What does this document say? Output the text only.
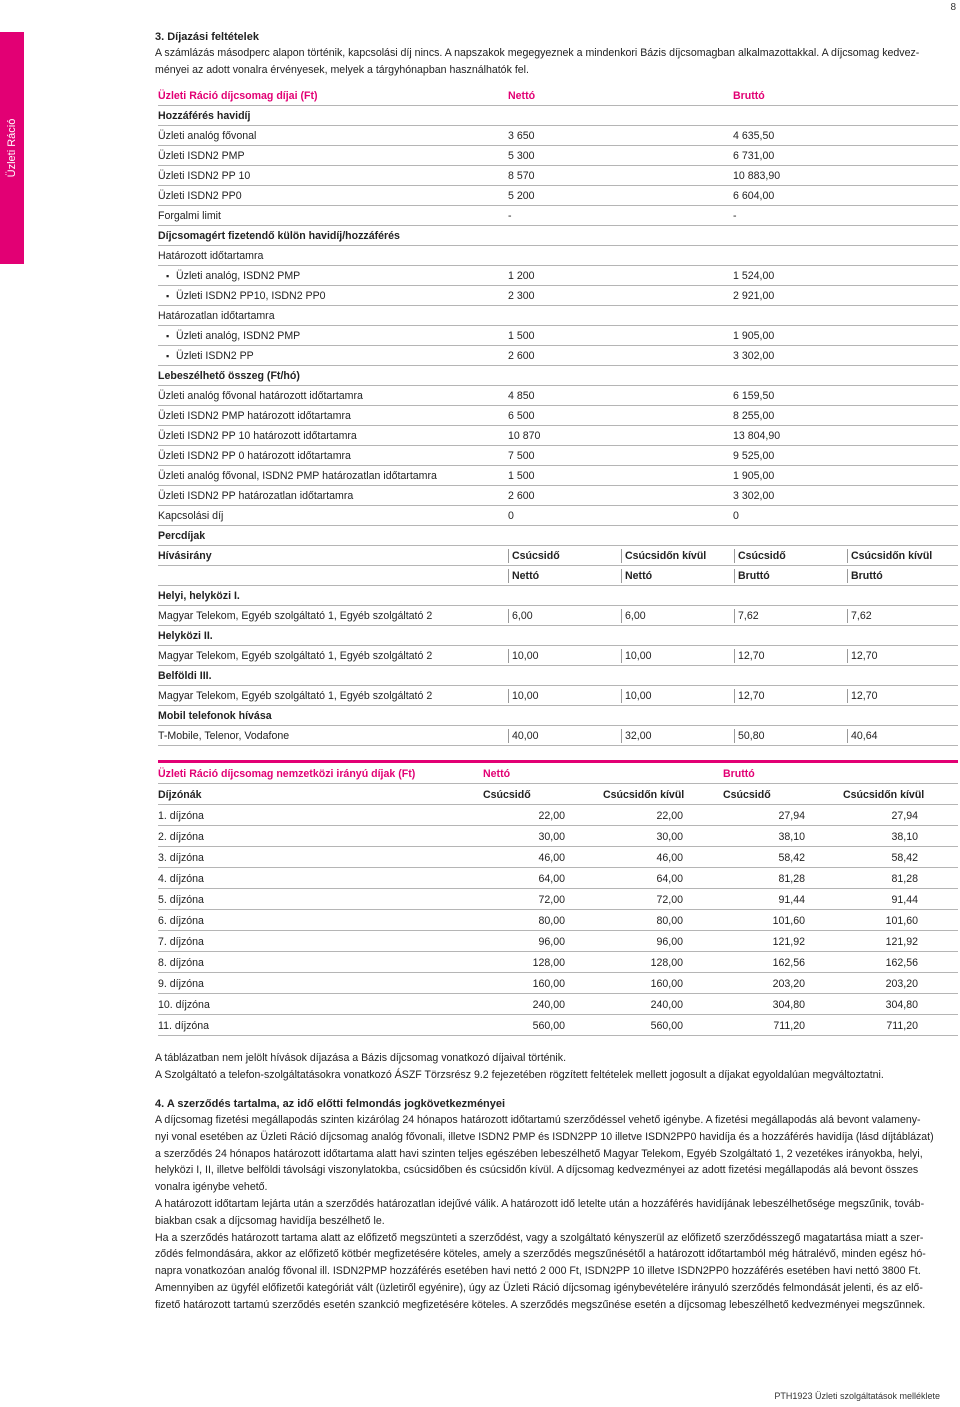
8
Üzleti Ráció
3. Díjazási feltételek
A számlázás másodperc alapon történik, kapcsolási díj nincs. A napszakok megegyeznek a mindenkori Bázis díjcsomagban alkalmazottakkal. A díjcsomag kedvez-
ményei az adott vonalra érvényesek, melyek a tárgyhónapban használhatók fel.
Üzleti Ráció díjcsomag díjai (Ft)	Nettó	Bruttó
Hozzáférés havidíj
Üzleti analóg fővonal	3 650	4 635,50
Üzleti ISDN2 PMP	5 300	6 731,00
Üzleti ISDN2 PP 10	8 570	10 883,90
Üzleti ISDN2 PP0	5 200	6 604,00
Forgalmi limit	-	-
Díjcsomagért fizetendő külön havidíj/hozzáférés
Határozott időtartamra
▪ Üzleti analóg, ISDN2 PMP	1 200	1 524,00
▪ Üzleti ISDN2 PP10, ISDN2 PP0	2 300	2 921,00
Határozatlan időtartamra
▪ Üzleti analóg, ISDN2 PMP	1 500	1 905,00
▪ Üzleti ISDN2 PP	2 600	3 302,00
Lebeszélhető összeg (Ft/hó)
Üzleti analóg fővonal határozott időtartamra	4 850	6 159,50
Üzleti ISDN2 PMP határozott időtartamra	6 500	8 255,00
Üzleti ISDN2 PP 10 határozott időtartamra	10 870	13 804,90
Üzleti ISDN2 PP 0 határozott időtartamra	7 500	9 525,00
Üzleti analóg fővonal, ISDN2 PMP határozatlan időtartamra	1 500	1 905,00
Üzleti ISDN2 PP határozatlan időtartamra	2 600	3 302,00
Kapcsolási díj	0	0
Percdíjak
Hívásirány	Csúcsidő	Csúcsidőn kívül	Csúcsidő	Csúcsidőn kívül
Nettó	Nettó	Bruttó	Bruttó
Helyi, helyközi I.
Magyar Telekom, Egyéb szolgáltató 1, Egyéb szolgáltató 2	6,00	6,00	7,62	7,62
Helyközi II.
Magyar Telekom, Egyéb szolgáltató 1, Egyéb szolgáltató 2	10,00	10,00	12,70	12,70
Belföldi III.
Magyar Telekom, Egyéb szolgáltató 1, Egyéb szolgáltató 2	10,00	10,00	12,70	12,70
Mobil telefonok hívása
T-Mobile, Telenor, Vodafone	40,00	32,00	50,80	40,64
Üzleti Ráció díjcsomag nemzetközi irányú díjak (Ft)	Nettó	Bruttó
Díjzónák	Csúcsidő	Csúcsidőn kívül	Csúcsidő	Csúcsidőn kívül
1. díjzóna	22,00	22,00	27,94	27,94
2. díjzóna	30,00	30,00	38,10	38,10
3. díjzóna	46,00	46,00	58,42	58,42
4. díjzóna	64,00	64,00	81,28	81,28
5. díjzóna	72,00	72,00	91,44	91,44
6. díjzóna	80,00	80,00	101,60	101,60
7. díjzóna	96,00	96,00	121,92	121,92
8. díjzóna	128,00	128,00	162,56	162,56
9. díjzóna	160,00	160,00	203,20	203,20
10. díjzóna	240,00	240,00	304,80	304,80
11. díjzóna	560,00	560,00	711,20	711,20
A táblázatban nem jelölt hívások díjazása a Bázis díjcsomag vonatkozó díjaival történik.
A Szolgáltató a telefon-szolgáltatásokra vonatkozó ÁSZF Törzsrész 9.2 fejezetében rögzített feltételek mellett jogosult a díjakat egyoldalúan megváltoztatni.
4. A szerződés tartalma, az idő előtti felmondás jogkövetkezményei
A díjcsomag fizetési megállapodás szinten kizárólag 24 hónapos határozott időtartamú szerződéssel vehető igénybe. A fizetési megállapodás alá bevont valameny-
nyi vonal esetében az Üzleti Ráció díjcsomag analóg fővonali, illetve ISDN2 PMP és ISDN2PP 10 illetve ISDN2PP0 havidíja és a hozzáférés havidíja (lásd díjtáblázat)
a szerződés 24 hónapos határozott időtartama alatt havi szinten teljes egészében lebeszélhető Magyar Telekom, Egyéb Szolgáltató 1, 2 vezetékes irányokba, helyi,
helyközi I, II, illetve belföldi távolsági viszonylatokba, csúcsidőben és csúcsidőn kívül. A díjcsomag kedvezményei az adott fizetési megállapodás alá bevont összes
vonalra igénybe vehető.
A határozott időtartam lejárta után a szerződés határozatlan idejűvé válik. A határozott idő letelte után a hozzáférés havidíjának lebeszélhetősége megszűnik, továb-
biakban csak a díjcsomag havidíja beszélhető le.
Ha a szerződés határozott tartama alatt az előfizető megszünteti a szerződést, vagy a szolgáltató kényszerül az előfizető szerződésszegő magatartása miatt a szer-
ződés felmondására, akkor az előfizető kötbér megfizetésére köteles, amely a szerződés megszűnésétől a határozott időtartamból még hátralévő, minden egész hó-
napra vonatkozóan analóg fővonal ill. ISDN2PMP hozzáférés esetében havi nettó 2 000 Ft, ISDN2PP 10 illetve ISDN2PP0 hozzáférés esetében havi nettó 3800 Ft.
Amennyiben az ügyfél előfizetői kategóriát vált (üzletiről egyénire), úgy az Üzleti Ráció díjcsomag igénybevételére irányuló szerződés felmondását jelenti, és az elő-
fizető határozott tartamú szerződés esetén szankció megfizetésére köteles. A szerződés megszűnése esetén a díjcsomag lebeszélhető kedvezményei megszűnnek.
PTH1923 Üzleti szolgáltatások melléklete
